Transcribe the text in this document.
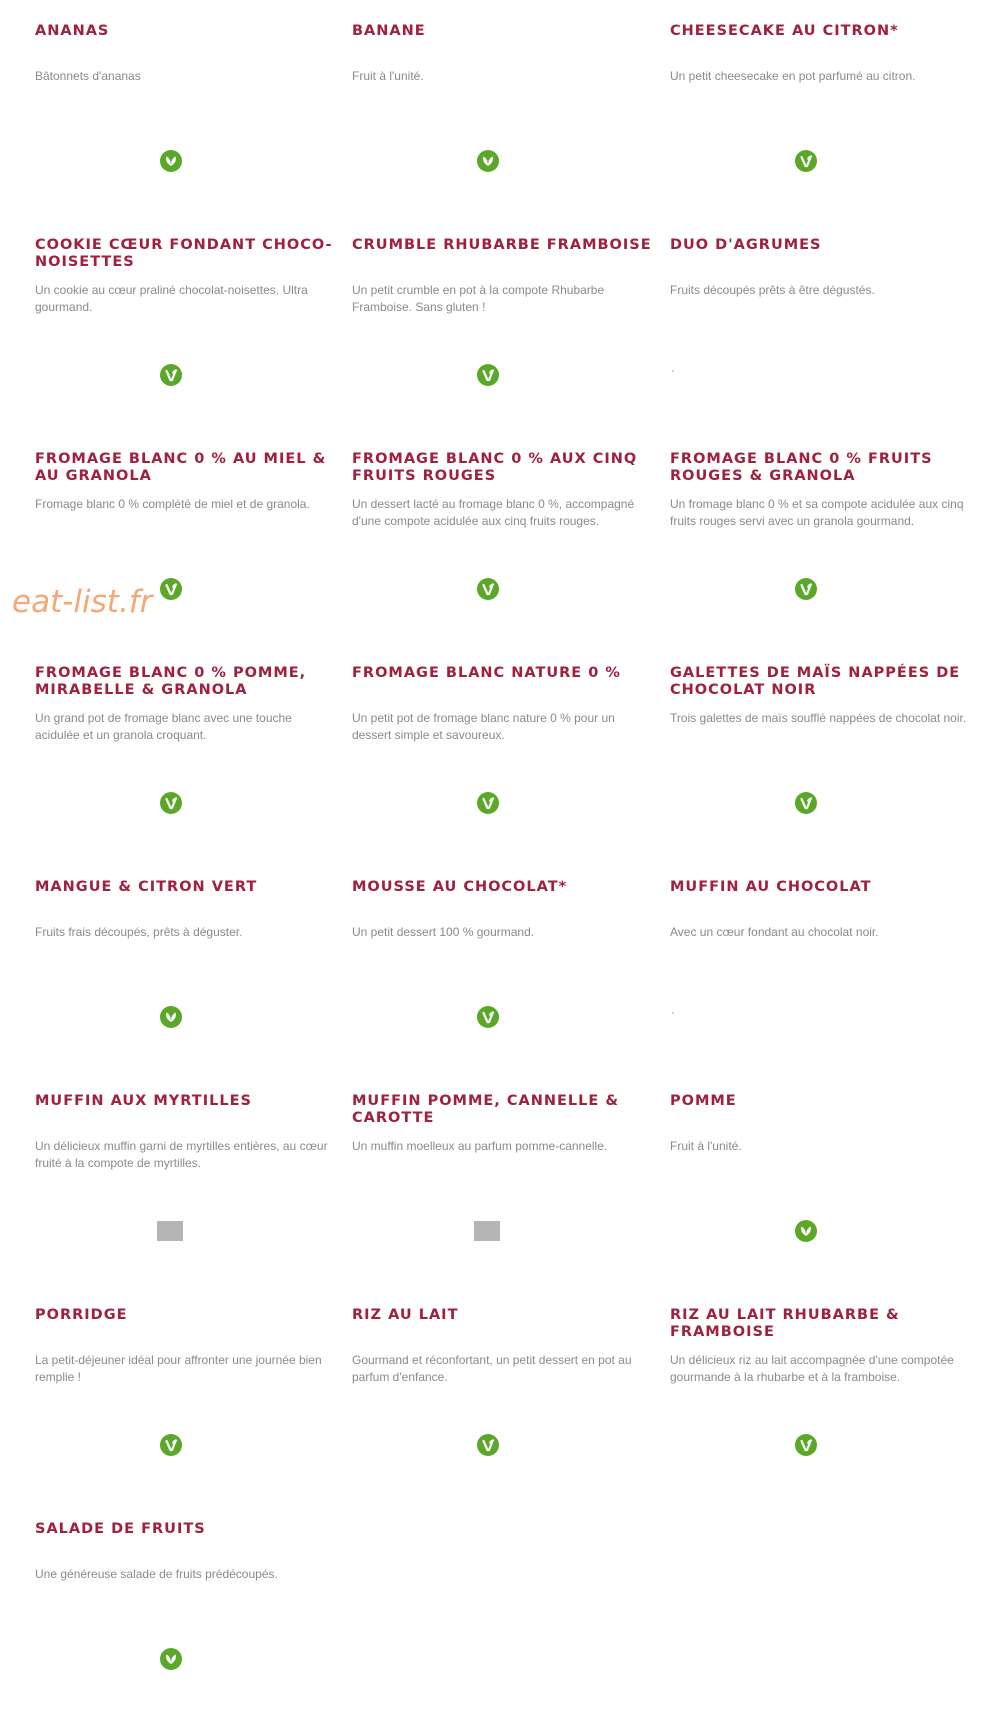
ANANAS
Bâtonnets d'ananas
BANANE
Fruit à l'unité.
CHEESECAKE AU CITRON*
Un petit cheesecake en pot parfumé au citron.
COOKIE CŒUR FONDANT CHOCO-NOISETTES
Un cookie au cœur praliné chocolat-noisettes. Ultra gourmand.
CRUMBLE RHUBARBE FRAMBOISE
Un petit crumble en pot à la compote Rhubarbe Framboise. Sans gluten !
DUO D'AGRUMES
Fruits découpés prêts à être dégustés.
FROMAGE BLANC 0 % AU MIEL & AU GRANOLA
Fromage blanc 0 % complété de miel et de granola.
FROMAGE BLANC 0 % AUX CINQ FRUITS ROUGES
Un dessert lacté au fromage blanc 0 %, accompagné d'une compote acidulée aux cinq fruits rouges.
FROMAGE BLANC 0 % FRUITS ROUGES & GRANOLA
Un fromage blanc 0 % et sa compote acidulée aux cinq fruits rouges servi avec un granola gourmand.
FROMAGE BLANC 0 % POMME, MIRABELLE & GRANOLA
Un grand pot de fromage blanc avec une touche acidulée et un granola croquant.
FROMAGE BLANC NATURE 0 %
Un petit pot de fromage blanc nature 0 % pour un dessert simple et savoureux.
GALETTES DE MAÏS NAPPÉES DE CHOCOLAT NOIR
Trois galettes de maïs soufflé nappées de chocolat noir.
MANGUE & CITRON VERT
Fruits frais découpés, prêts à déguster.
MOUSSE AU CHOCOLAT*
Un petit dessert 100 % gourmand.
MUFFIN AU CHOCOLAT
Avec un cœur fondant au chocolat noir.
MUFFIN AUX MYRTILLES
Un délicieux muffin garni de myrtilles entières, au cœur fruité à la compote de myrtilles.
MUFFIN POMME, CANNELLE & CAROTTE
Un muffin moelleux au parfum pomme-cannelle.
POMME
Fruit à l'unité.
PORRIDGE
La petit-déjeuner idéal pour affronter une journée bien remplie !
RIZ AU LAIT
Gourmand et réconfortant, un petit dessert en pot au parfum d'enfance.
RIZ AU LAIT RHUBARBE & FRAMBOISE
Un délicieux riz au lait accompagnée d'une compotée gourmande à la rhubarbe et à la framboise.
SALADE DE FRUITS
Une généreuse salade de fruits prédécoupés.
eat-list.fr
